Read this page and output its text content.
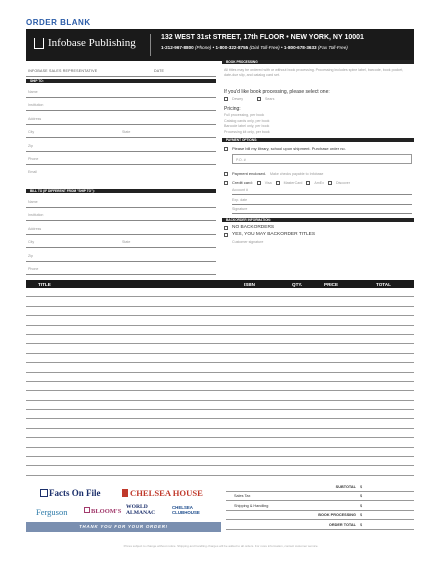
ORDER BLANK
Infobase Publishing	132 WEST 31st STREET, 17th FLOOR • NEW YORK, NY 10001
1-212-967-8800 (Phone) • 1-800-322-8755 (Dial Toll-Free) • 1-800-678-3633 (Fax Toll-Free)
INFOBASE SALES REPRESENTATIVE	DATE
SHIP TO:
Name
Institution
Address
City	State
Zip
Phone
Email
BILL TO (IF DIFFERENT FROM "SHIP TO"):
Name
Institution
Address
City	State
Zip
Phone
BOOK PROCESSING
All titles may be ordered with or without book processing. Processing includes spine label, barcode, book pocket, date-due slip, and catalog card set.
If you'd like book processing, please select one:
Dewey	Sears
Pricing:
Full processing, per book
Catalog cards only, per book
Barcode label only, per book
Processing kit only, per book
PAYMENT OPTIONS:
Please bill my library, school upon shipment. Purchase order no.
P.O. #
Payment enclosed. Make checks payable to Infobase
Credit card:	Visa	MasterCard	AmEx	Discover
Account #
Exp. date
Signature
BACKORDER INFORMATION:
NO BACKORDERS
YES, YOU MAY BACKORDER TITLES
Customer signature
TITLE	ISBN	QTY.	PRICE	TOTAL
Facts On File	CHELSEA HOUSE
Ferguson	BLOOM'S
WORLD ALMANAC
CHELSEA CLUBHOUSE
THANK YOU FOR YOUR ORDER!
SUBTOTAL $
Sales Tax	$
Shipping & Handling	$
BOOK PROCESSING $
ORDER TOTAL $
Prices subject to change without notice. Shipping and handling charges will be added to all orders. For more information, contact customer service.
